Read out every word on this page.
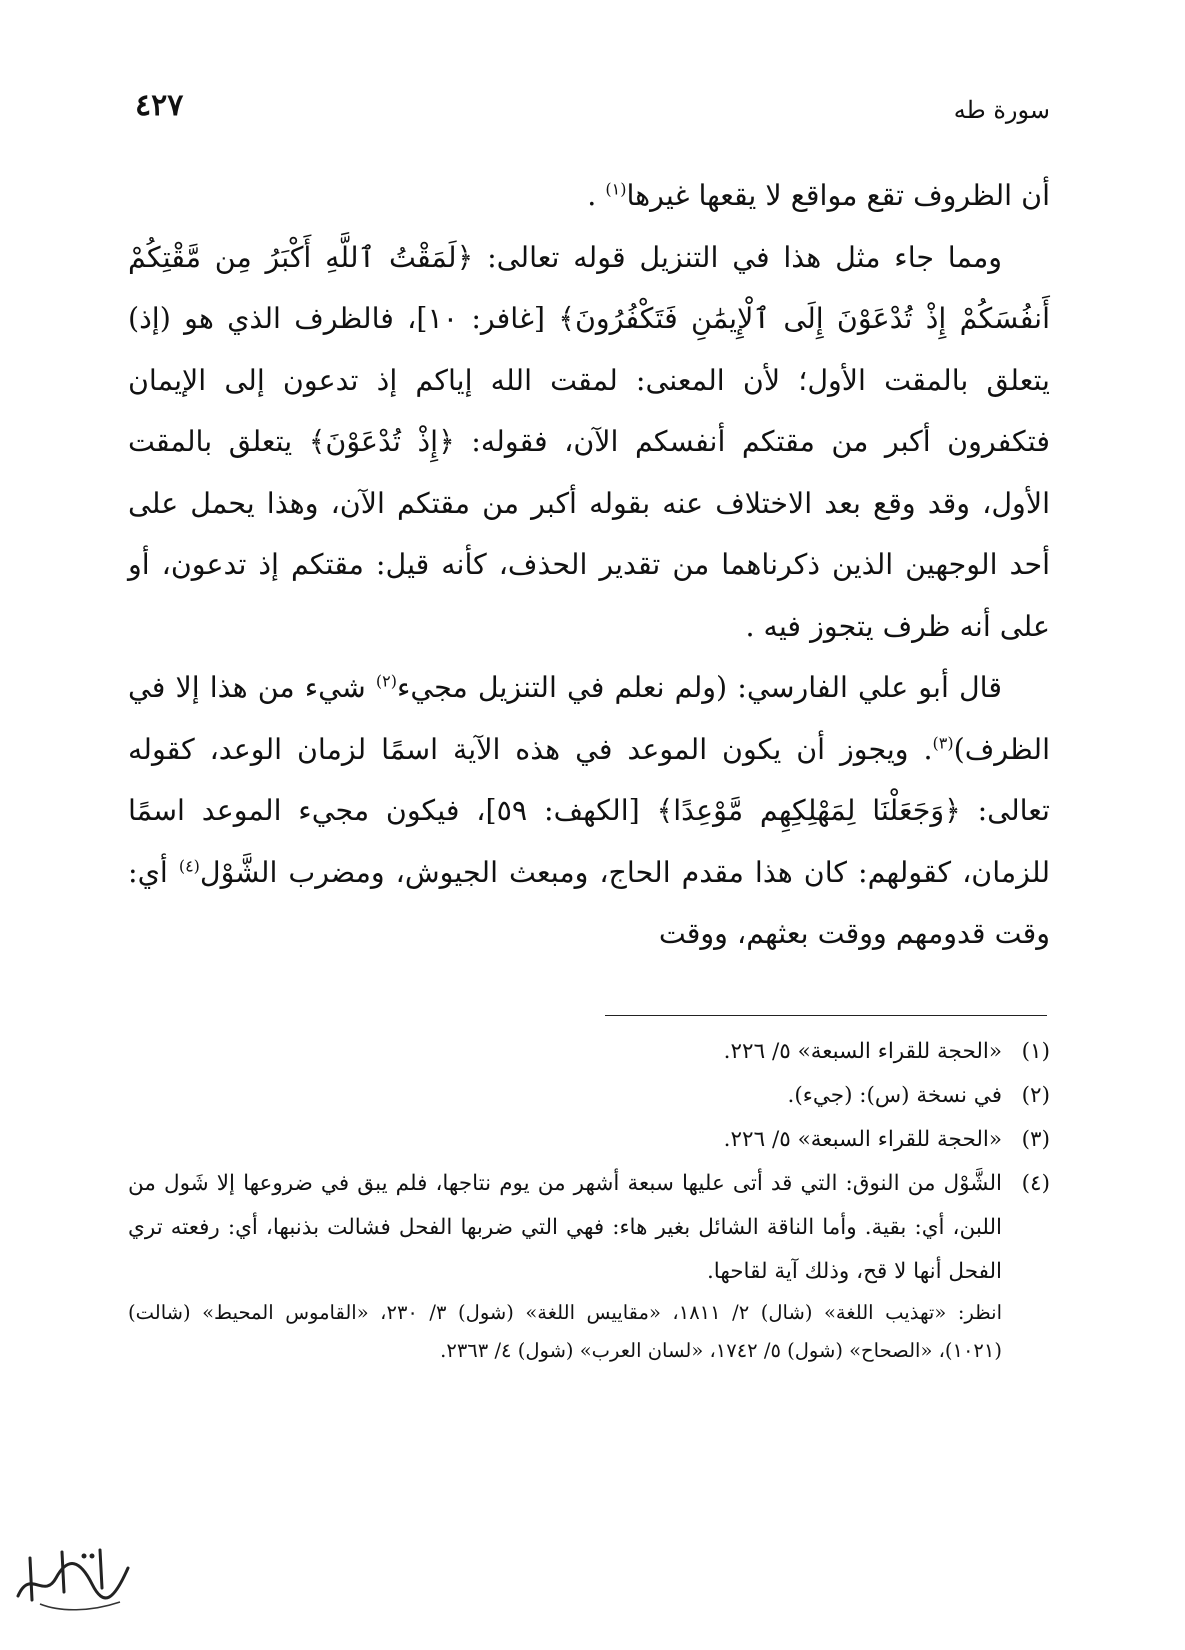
سورة طه
٤٢٧

أن الظروف تقع مواقع لا يقعها غيرها$^{(١)}$ .

ومما جاء مثل هذا في التنزيل قوله تعالى: ﴿لَمَقْتُ ٱللَّهِ أَكْبَرُ مِن مَّقْتِكُمْ أَنفُسَكُمْ إِذْ تُدْعَوْنَ إِلَى ٱلْإِيمَٰنِ فَتَكْفُرُونَ﴾ [غافر: ١٠]، فالظرف الذي هو (إذ) يتعلق بالمقت الأول؛ لأن المعنى: لمقت الله إياكم إذ تدعون إلى الإيمان فتكفرون أكبر من مقتكم أنفسكم الآن، فقوله: ﴿إِذْ تُدْعَوْنَ﴾ يتعلق بالمقت الأول، وقد وقع بعد الاختلاف عنه بقوله أكبر من مقتكم الآن، وهذا يحمل على أحد الوجهين الذين ذكرناهما من تقدير الحذف، كأنه قيل: مقتكم إذ تدعون، أو على أنه ظرف يتجوز فيه .

قال أبو علي الفارسي: (ولم نعلم في التنزيل مجيء$^{(٢)}$ شيء من هذا إلا في الظرف)$^{(٣)}$. ويجوز أن يكون الموعد في هذه الآية اسمًا لزمان الوعد، كقوله تعالى: ﴿وَجَعَلْنَا لِمَهْلِكِهِم مَّوْعِدًا﴾ [الكهف: ٥٩]، فيكون مجيء الموعد اسمًا للزمان، كقولهم: كان هذا مقدم الحاج، ومبعث الجيوش، ومضرب الشَّوْل$^{(٤)}$ أي: وقت قدومهم ووقت بعثهم، ووقت

(١)
«الحجة للقراء السبعة» ٥/ ٢٢٦.
(٢)
في نسخة (س): (جيء).
(٣)
«الحجة للقراء السبعة» ٥/ ٢٢٦.
(٤)
الشَّوْل من النوق: التي قد أتى عليها سبعة أشهر من يوم نتاجها، فلم يبق في ضروعها إلا شَول من اللبن، أي: بقية. وأما الناقة الشائل بغير هاء: فهي التي ضربها الفحل فشالت بذنبها، أي: رفعته تري الفحل أنها لا قح، وذلك آية لقاحها.
انظر: «تهذيب اللغة» (شال) ٢/ ١٨١١، «مقاييس اللغة» (شول) ٣/ ٢٣٠، «القاموس المحيط» (شالت) (١٠٢١)، «الصحاح» (شول) ٥/ ١٧٤٢، «لسان العرب» (شول) ٤/ ٢٣٦٣.
